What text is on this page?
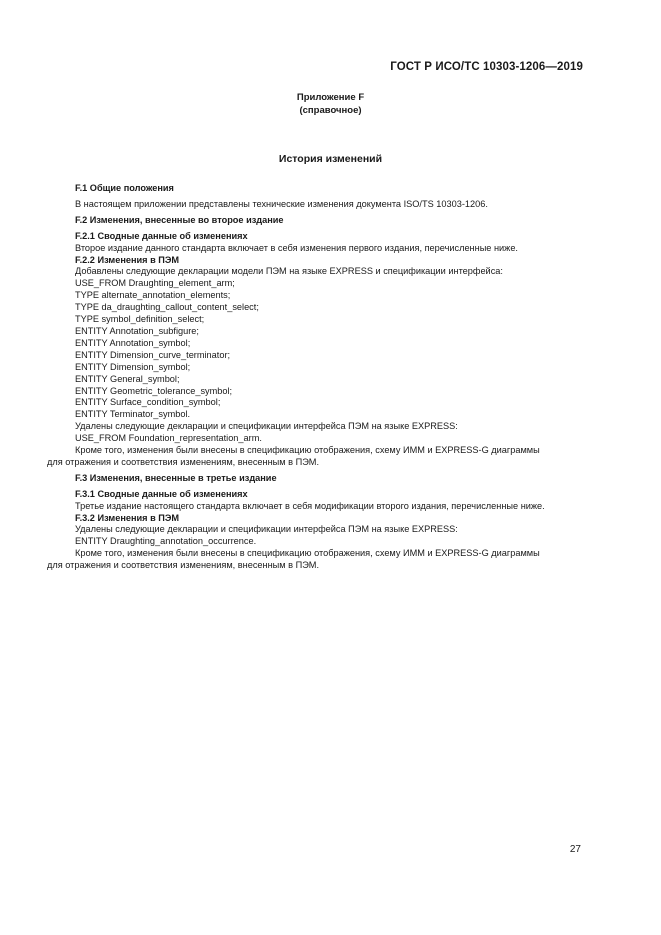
ГОСТ Р ИСО/ТС 10303-1206—2019
Приложение F
(справочное)
История изменений
F.1 Общие положения
В настоящем приложении представлены технические изменения документа ISO/TS 10303-1206.
F.2 Изменения, внесенные во второе издание
F.2.1 Сводные данные об изменениях
Второе издание данного стандарта включает в себя изменения первого издания, перечисленные ниже.
F.2.2 Изменения в ПЭМ
Добавлены следующие декларации модели ПЭМ на языке EXPRESS и спецификации интерфейса:
USE_FROM Draughting_element_arm;
TYPE alternate_annotation_elements;
TYPE da_draughting_callout_content_select;
TYPE symbol_definition_select;
ENTITY Annotation_subfigure;
ENTITY Annotation_symbol;
ENTITY Dimension_curve_terminator;
ENTITY Dimension_symbol;
ENTITY General_symbol;
ENTITY Geometric_tolerance_symbol;
ENTITY Surface_condition_symbol;
ENTITY Terminator_symbol.
Удалены следующие декларации и спецификации интерфейса ПЭМ на языке EXPRESS:
USE_FROM Foundation_representation_arm.
Кроме того, изменения были внесены в спецификацию отображения, схему ИММ и EXPRESS-G диаграммы
для отражения и соответствия изменениям, внесенным в ПЭМ.
F.3 Изменения, внесенные в третье издание
F.3.1 Сводные данные об изменениях
Третье издание настоящего стандарта включает в себя модификации второго издания, перечисленные ниже.
F.3.2 Изменения в ПЭМ
Удалены следующие декларации и спецификации интерфейса ПЭМ на языке EXPRESS:
ENTITY Draughting_annotation_occurrence.
Кроме того, изменения были внесены в спецификацию отображения, схему ИММ и EXPRESS-G диаграммы
для отражения и соответствия изменениям, внесенным в ПЭМ.
27
